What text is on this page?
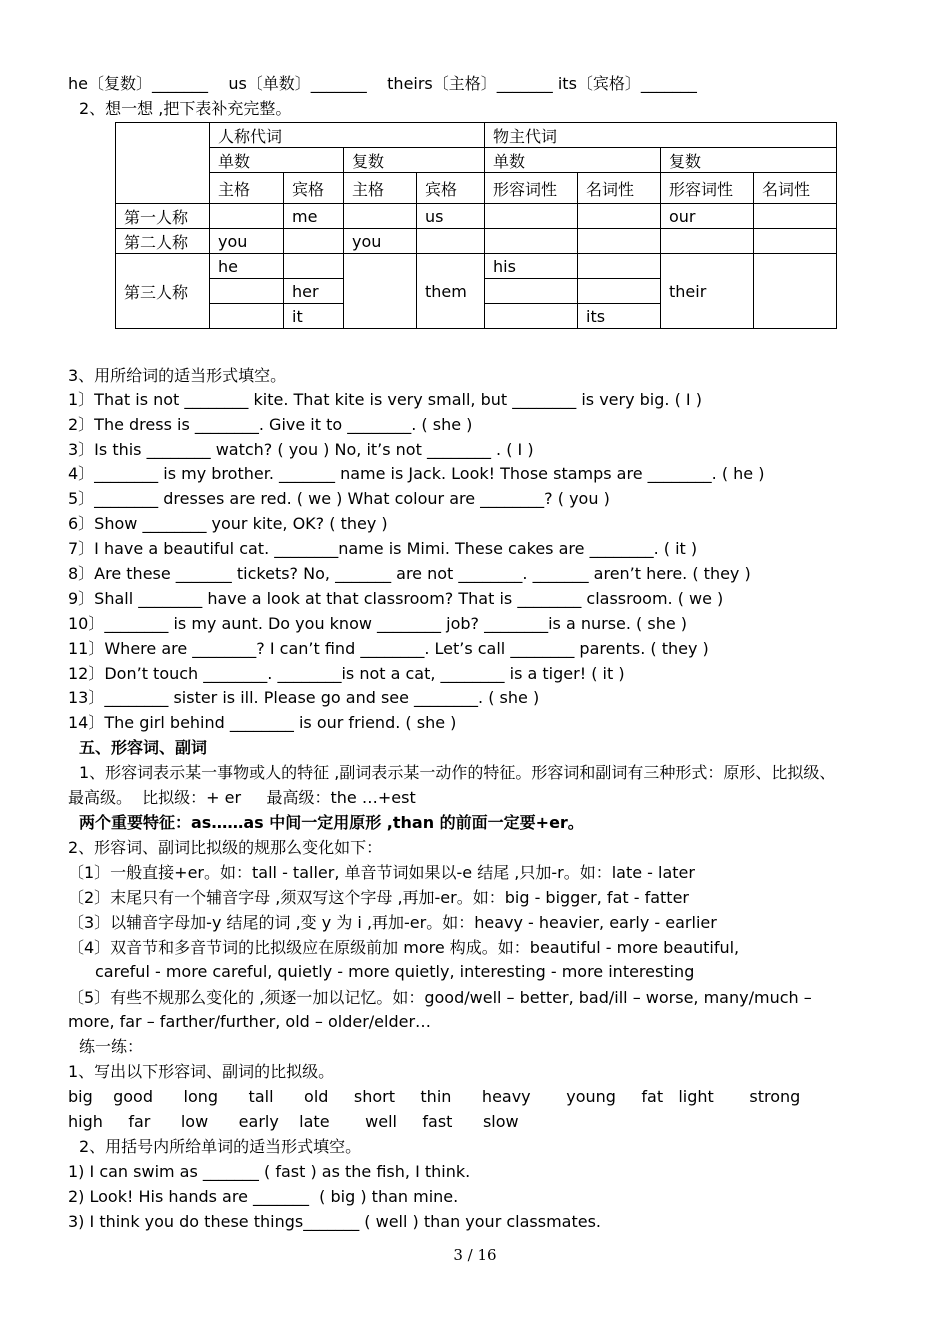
he〔复数〕_______    us〔单数〕_______    theirs〔主格〕_______ its〔宾格〕_______
2、想一想 ,把下表补充完整。
	人称代词				物主代词			
	单数		复数		单数		复数	
	主格	宾格	主格	宾格	形容词性	名词性	形容词性	名词性
第一人称		me		us			our	
第二人称	you		you					
第三人称	he			them	his		their	
		her						
		it				its		
3、用所给词的适当形式填空。
1〕That is not ________ kite. That kite is very small, but ________ is very big. ( I )
2〕The dress is ________. Give it to ________. ( she )
3〕Is this ________ watch? ( you ) No, it’s not ________ . ( I )
4〕________ is my brother. _______ name is Jack. Look! Those stamps are ________. ( he )
5〕________ dresses are red. ( we ) What colour are ________? ( you )
6〕Show ________ your kite, OK? ( they )
7〕I have a beautiful cat. ________name is Mimi. These cakes are ________. ( it )
8〕Are these _______ tickets? No, _______ are not ________. _______ aren’t here. ( they )
9〕Shall ________ have a look at that classroom? That is ________ classroom. ( we )
10〕________ is my aunt. Do you know ________ job? ________is a nurse. ( she )
11〕Where are ________? I can’t find ________. Let’s call ________ parents. ( they )
12〕Don’t touch ________. ________is not a cat, ________ is a tiger! ( it )
13〕________ sister is ill. Please go and see ________. ( she )
14〕The girl behind ________ is our friend. ( she )
五、形容词、副词
1、形容词表示某一事物或人的特征 ,副词表示某一动作的特征。形容词和副词有三种形式：原形、比拟级、
最高级。  比拟级：+ er     最高级：the …+est
两个重要特征：as……as 中间一定用原形 ,than 的前面一定要+er。
2、形容词、副词比拟级的规那么变化如下：
〔1〕一般直接+er。如：tall - taller, 单音节词如果以-e 结尾 ,只加-r。如：late - later
〔2〕末尾只有一个辅音字母 ,须双写这个字母 ,再加-er。如：big - bigger, fat - fatter
〔3〕以辅音字母加-y 结尾的词 ,变 y 为 i ,再加-er。如：heavy - heavier, early - earlier
〔4〕双音节和多音节词的比拟级应在原级前加 more 构成。如：beautiful - more beautiful,
careful - more careful, quietly - more quietly, interesting - more interesting
〔5〕有些不规那么变化的 ,须逐一加以记忆。如：good/well – better, bad/ill – worse, many/much –
more, far – farther/further, old – older/elder…
练一练：
1、写出以下形容词、副词的比拟级。
big    good      long      tall      old     short     thin      heavy       young     fat   light       strong
high     far      low      early    late       well     fast      slow
2、用括号内所给单词的适当形式填空。
1) I can swim as _______ ( fast ) as the fish, I think.
2) Look! His hands are _______  ( big ) than mine.
3) I think you do these things_______ ( well ) than your classmates.
3 / 16
